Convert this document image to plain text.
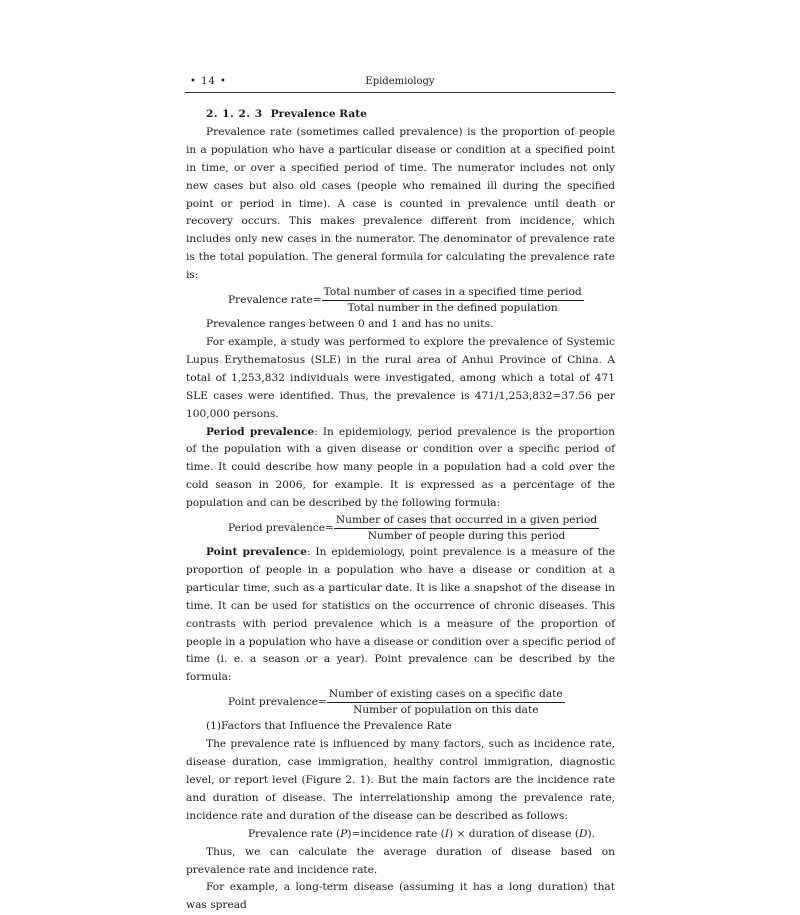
• 14 •	Epidemiology

2. 1. 2. 3 Prevalence Rate

Prevalence rate (sometimes called prevalence) is the proportion of people in a population who have a particular disease or condition at a specified point in time, or over a specified period of time. The numerator includes not only new cases but also old cases (people who remained ill during the specified point or period in time). A case is counted in prevalence until death or recovery occurs. This makes prevalence different from incidence, which includes only new cases in the numerator. The denominator of prevalence rate is the total population. The general formula for calculating the prevalence rate is:

Prevalence rate= $\frac{\text{Total number of cases in a specified time period}}{\text{Total number in the defined population}}$

Prevalence ranges between 0 and 1 and has no units.

For example, a study was performed to explore the prevalence of Systemic Lupus Erythematosus (SLE) in the rural area of Anhui Province of China. A total of 1,253,832 individuals were investigated, among which a total of 471 SLE cases were identified. Thus, the prevalence is 471/1,253,832=37.56 per 100,000 persons.

Period prevalence: In epidemiology, period prevalence is the proportion of the population with a given disease or condition over a specific period of time. It could describe how many people in a population had a cold over the cold season in 2006, for example. It is expressed as a percentage of the population and can be described by the following formula:

Period prevalence= $\frac{\text{Number of cases that occurred in a given period}}{\text{Number of people during this period}}$

Point prevalence: In epidemiology, point prevalence is a measure of the proportion of people in a population who have a disease or condition at a particular time, such as a particular date. It is like a snapshot of the disease in time. It can be used for statistics on the occurrence of chronic diseases. This contrasts with period prevalence which is a measure of the proportion of people in a population who have a disease or condition over a specific period of time (i. e. a season or a year). Point prevalence can be described by the formula:

Point prevalence= $\frac{\text{Number of existing cases on a specific date}}{\text{Number of population on this date}}$

(1)Factors that Influence the Prevalence Rate

The prevalence rate is influenced by many factors, such as incidence rate, disease duration, case immigration, healthy control immigration, diagnostic level, or report level (Figure 2. 1). But the main factors are the incidence rate and duration of disease. The interrelationship among the prevalence rate, incidence rate and duration of the disease can be described as follows:

Prevalence rate (P)=incidence rate (I) × duration of disease (D).

Thus, we can calculate the average duration of disease based on prevalence rate and incidence rate.

For example, a long-term disease (assuming it has a long duration) that was spread
